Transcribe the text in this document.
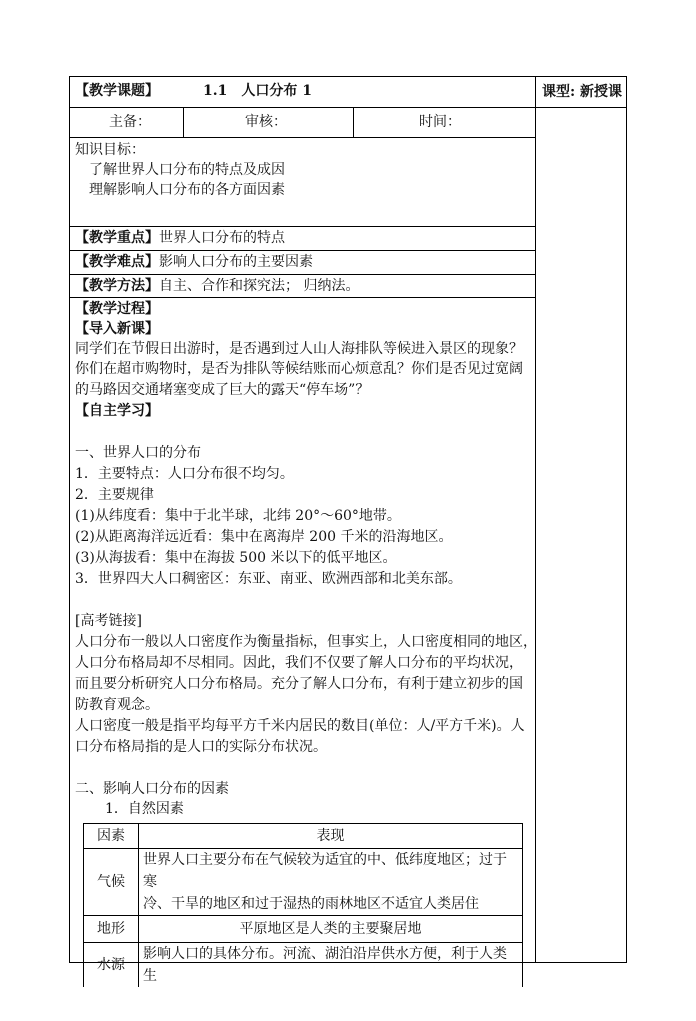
【教学课题】	1.1　人口分布 1	课型: 新授课
主备：	审核：	时间：
知识目标：
了解世界人口分布的特点及成因
理解影响人口分布的各方面因素
【教学重点】世界人口分布的特点
【教学难点】影响人口分布的主要因素
【教学方法】自主、合作和探究法； 归纳法。
【教学过程】
【导入新课】
同学们在节假日出游时，是否遇到过人山人海排队等候进入景区的现象？
你们在超市购物时，是否为排队等候结账而心烦意乱？你们是否见过宽阔
的马路因交通堵塞变成了巨大的露天“停车场”？
【自主学习】
一、世界人口的分布
1．主要特点：人口分布很不均匀。
2．主要规律
(1)从纬度看：集中于北半球，北纬 20°～60°地带。
(2)从距离海洋远近看：集中在离海岸 200 千米的沿海地区。
(3)从海拔看：集中在海拔 500 米以下的低平地区。
3．世界四大人口稠密区：东亚、南亚、欧洲西部和北美东部。
[高考链接]
人口分布一般以人口密度作为衡量指标，但事实上，人口密度相同的地区，
人口分布格局却不尽相同。因此，我们不仅要了解人口分布的平均状况，
而且要分析研究人口分布格局。充分了解人口分布，有利于建立初步的国
防教育观念。
人口密度一般是指平均每平方千米内居民的数目(单位：人/平方千米)。人
口分布格局指的是人口的实际分布状况。
二、影响人口分布的因素
1．自然因素
因素	表现
气候	世界人口主要分布在气候较为适宜的中、低纬度地区；过于寒
冷、干旱的地区和过于湿热的雨林地区不适宜人类居住

地形	平原地区是人类的主要聚居地
水源	影响人口的具体分布。河流、湖泊沿岸供水方便，利于人类生
